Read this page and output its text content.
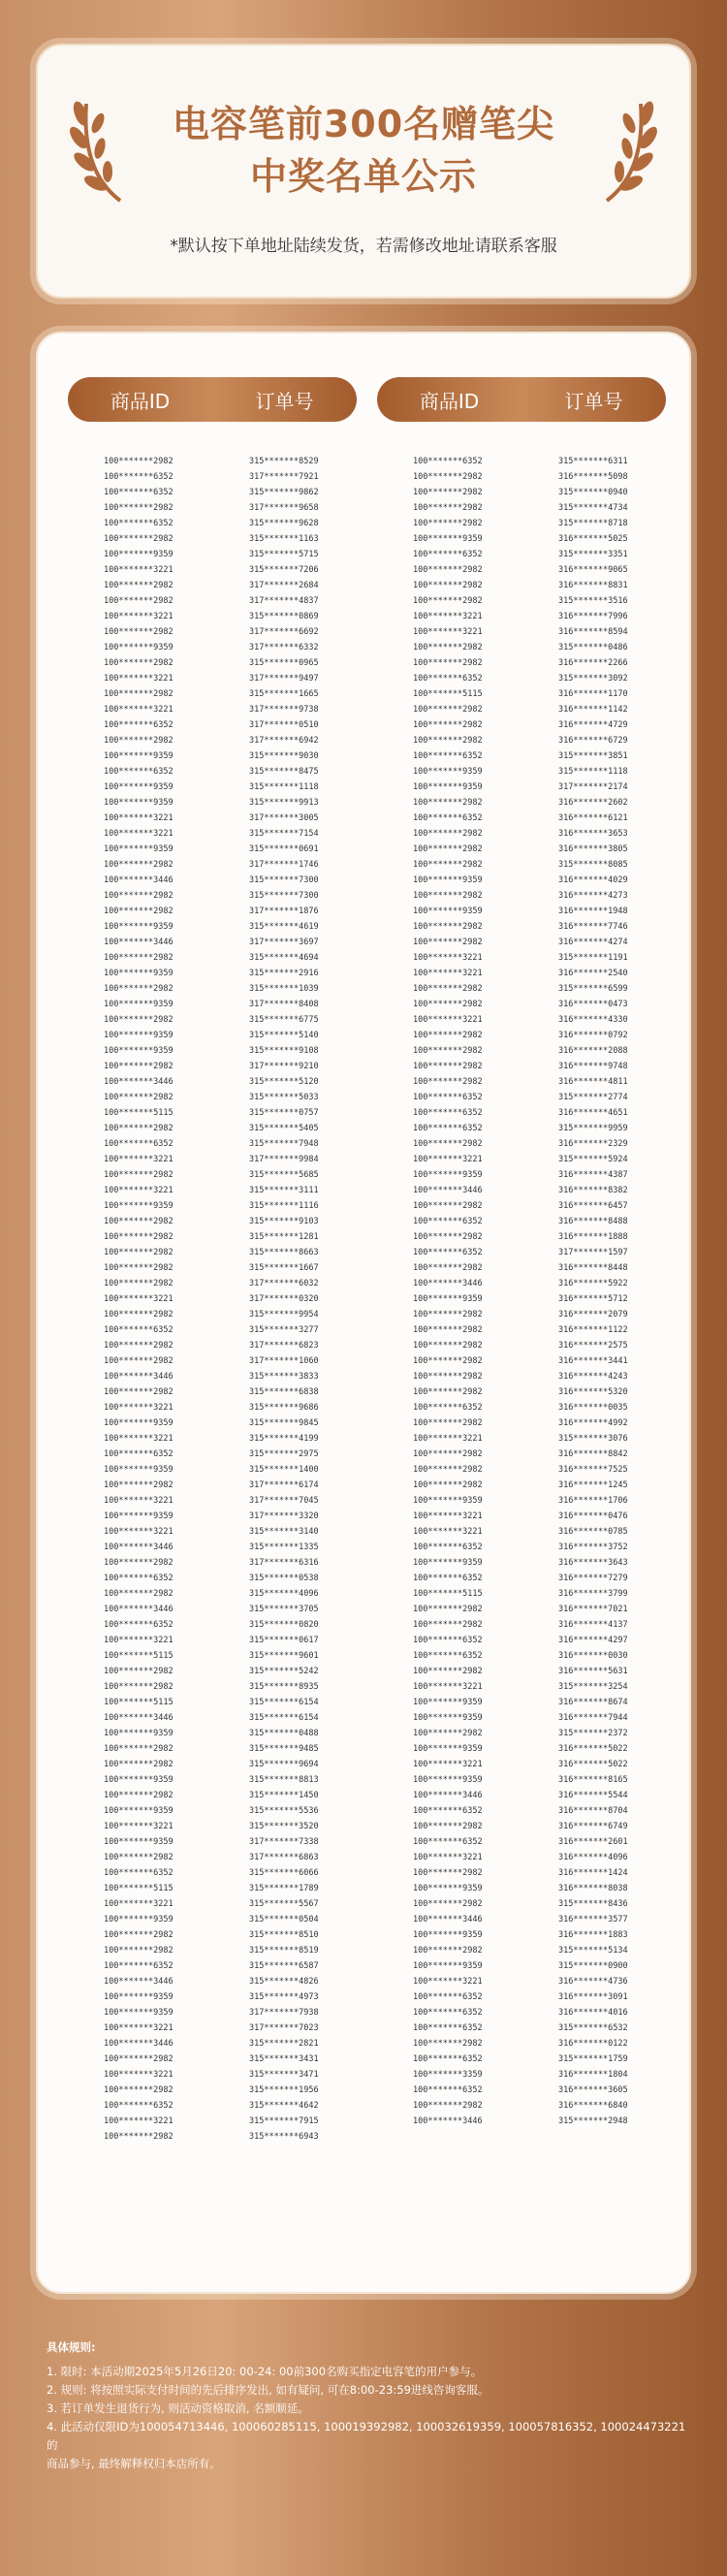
电容笔前300名赠笔尖
中奖名单公示
*默认按下单地址陆续发货，若需修改地址请联系客服
商品ID	订单号	商品ID	订单号
100*******2982	315*******8529
100*******6352	317*******7921
100*******6352	315*******9862
100*******2982	317*******9658
100*******6352	315*******9628
100*******2982	315*******1163
100*******9359	315*******5715
100*******3221	315*******7206
100*******2982	317*******2684
100*******2982	317*******4837
100*******3221	315*******0869
100*******2982	317*******6692
100*******9359	317*******6332
100*******2982	315*******0965
100*******3221	317*******9497
100*******2982	315*******1665
100*******3221	317*******9738
100*******6352	317*******0510
100*******2982	317*******6942
100*******9359	315*******9030
100*******6352	315*******8475
100*******9359	315*******1118
100*******9359	315*******9913
100*******3221	317*******3005
100*******3221	315*******7154
100*******9359	315*******0691
100*******2982	317*******1746
100*******3446	315*******7300
100*******2982	315*******7300
100*******2982	317*******1876
100*******9359	315*******4619
100*******3446	317*******3697
100*******2982	315*******4694
100*******9359	315*******2916
100*******2982	315*******1039
100*******9359	317*******8408
100*******2982	315*******6775
100*******9359	315*******5140
100*******9359	315*******9108
100*******2982	317*******9210
100*******3446	315*******5120
100*******2982	315*******5033
100*******5115	315*******0757
100*******2982	315*******5405
100*******6352	315*******7948
100*******3221	317*******9984
100*******2982	315*******5685
100*******3221	315*******3111
100*******9359	315*******1116
100*******2982	315*******9103
100*******2982	315*******1281
100*******2982	315*******8663
100*******2982	315*******1667
100*******2982	317*******6032
100*******3221	317*******0320
100*******2982	315*******9954
100*******6352	315*******3277
100*******2982	317*******6823
100*******2982	317*******1060
100*******3446	315*******3833
100*******2982	315*******6838
100*******3221	315*******9686
100*******9359	315*******9845
100*******3221	315*******4199
100*******6352	315*******2975
100*******9359	315*******1400
100*******2982	317*******6174
100*******3221	317*******7045
100*******9359	317*******3320
100*******3221	315*******3140
100*******3446	315*******1335
100*******2982	317*******6316
100*******6352	315*******0538
100*******2982	315*******4096
100*******3446	315*******3705
100*******6352	315*******0820
100*******3221	315*******0617
100*******5115	315*******9601
100*******2982	315*******5242
100*******2982	315*******8935
100*******5115	315*******6154
100*******3446	315*******6154
100*******9359	315*******0488
100*******2982	315*******9485
100*******2982	315*******9694
100*******9359	315*******8813
100*******2982	315*******1450
100*******9359	315*******5536
100*******3221	315*******3520
100*******9359	317*******7338
100*******2982	317*******6863
100*******6352	315*******6066
100*******5115	315*******1789
100*******3221	315*******5567
100*******9359	315*******0504
100*******2982	315*******8510
100*******2982	315*******8519
100*******6352	315*******6587
100*******3446	315*******4826
100*******9359	315*******4973
100*******9359	317*******7938
100*******3221	317*******7023
100*******3446	315*******2821
100*******2982	315*******3431
100*******3221	315*******3471
100*******2982	315*******1956
100*******6352	315*******4642
100*******3221	315*******7915
100*******2982	315*******6943
100*******6352	315*******6311
100*******2982	316*******5098
100*******2982	315*******0940
100*******2982	315*******4734
100*******2982	315*******8718
100*******9359	316*******5025
100*******6352	315*******3351
100*******2982	316*******9065
100*******2982	316*******8831
100*******2982	315*******3516
100*******3221	316*******7996
100*******3221	316*******8594
100*******2982	315*******0486
100*******2982	316*******2266
100*******6352	315*******3092
100*******5115	316*******1170
100*******2982	316*******1142
100*******2982	316*******4729
100*******2982	316*******6729
100*******6352	315*******3851
100*******9359	315*******1118
100*******9359	317*******2174
100*******2982	316*******2602
100*******6352	316*******6121
100*******2982	316*******3653
100*******2982	316*******3805
100*******2982	315*******8085
100*******9359	316*******4029
100*******2982	316*******4273
100*******9359	316*******1948
100*******2982	316*******7746
100*******2982	316*******4274
100*******3221	315*******1191
100*******3221	316*******2540
100*******2982	315*******6599
100*******2982	316*******0473
100*******3221	316*******4330
100*******2982	316*******0792
100*******2982	316*******2088
100*******2982	316*******9748
100*******2982	316*******4811
100*******6352	315*******2774
100*******6352	316*******4651
100*******6352	315*******9959
100*******2982	316*******2329
100*******3221	315*******5924
100*******9359	316*******4387
100*******3446	316*******8382
100*******2982	316*******6457
100*******6352	316*******8488
100*******2982	316*******1888
100*******6352	317*******1597
100*******2982	316*******8448
100*******3446	316*******5922
100*******9359	316*******5712
100*******2982	316*******2079
100*******2982	316*******1122
100*******2982	316*******2575
100*******2982	316*******3441
100*******2982	316*******4243
100*******2982	316*******5320
100*******6352	316*******0035
100*******2982	316*******4992
100*******3221	315*******3076
100*******2982	316*******8842
100*******2982	316*******7525
100*******2982	316*******1245
100*******9359	316*******1706
100*******3221	316*******0476
100*******3221	316*******0785
100*******6352	316*******3752
100*******9359	316*******3643
100*******6352	316*******7279
100*******5115	316*******3799
100*******2982	316*******7021
100*******2982	316*******4137
100*******6352	316*******4297
100*******6352	316*******0030
100*******2982	316*******5631
100*******3221	315*******3254
100*******9359	316*******8674
100*******9359	316*******7944
100*******2982	315*******2372
100*******9359	316*******5022
100*******3221	316*******5022
100*******9359	316*******8165
100*******3446	316*******5544
100*******6352	316*******8704
100*******2982	316*******6749
100*******6352	316*******2601
100*******3221	316*******4096
100*******2982	316*******1424
100*******9359	316*******8038
100*******2982	315*******8436
100*******3446	316*******3577
100*******9359	316*******1883
100*******2982	315*******5134
100*******9359	315*******0900
100*******3221	316*******4736
100*******6352	316*******3091
100*******6352	316*******4016
100*******6352	315*******6532
100*******2982	316*******0122
100*******6352	315*******1759
100*******3359	316*******1804
100*******6352	316*******3605
100*******2982	316*******6840
100*******3446	315*******2948
具体规则:
1. 限时: 本活动期2025年5月26日20: 00-24: 00前300名购买指定电容笔的用户参与。
2. 规则: 将按照实际支付时间的先后排序发出, 如有疑问, 可在8:00-23:59进线咨询客服。
3. 若订单发生退货行为, 则活动资格取消, 名额顺延。
4. 此活动仅限ID为100054713446, 100060285115, 100019392982, 100032619359, 100057816352, 100024473221的
商品参与, 最终解释权归本店所有。
